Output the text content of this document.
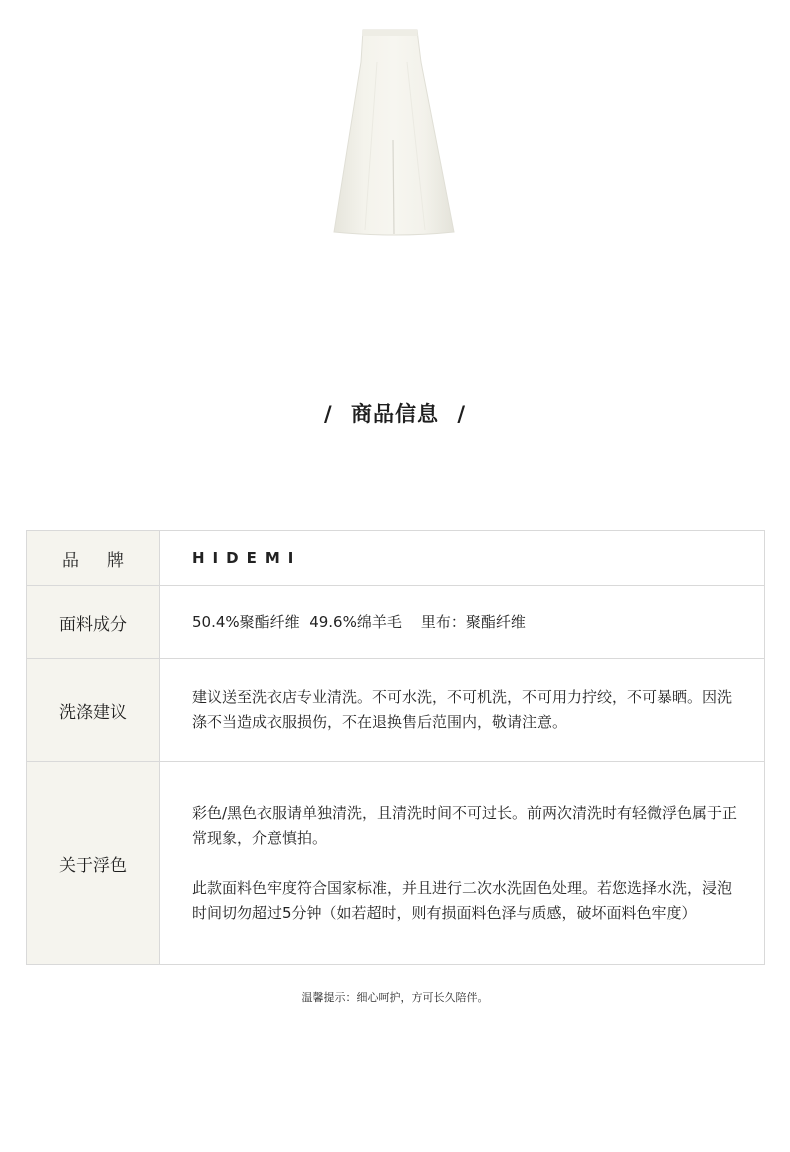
/ 商品信息 /
品牌	HIDEMI
面料成分	50.4%聚酯纤维  49.6%绵羊毛    里布：聚酯纤维
洗涤建议	建议送至洗衣店专业清洗。不可水洗，不可机洗，不可用力拧绞，不可暴晒。因洗涤不当造成衣服损伤，不在退换售后范围内，敬请注意。
关于浮色	彩色/黑色衣服请单独清洗，且清洗时间不可过长。前两次清洗时有轻微浮色属于正常现象，介意慎拍。
此款面料色牢度符合国家标准，并且进行二次水洗固色处理。若您选择水洗，浸泡时间切勿超过5分钟（如若超时，则有损面料色泽与质感，破坏面料色牢度）
温馨提示：细心呵护，方可长久陪伴。
